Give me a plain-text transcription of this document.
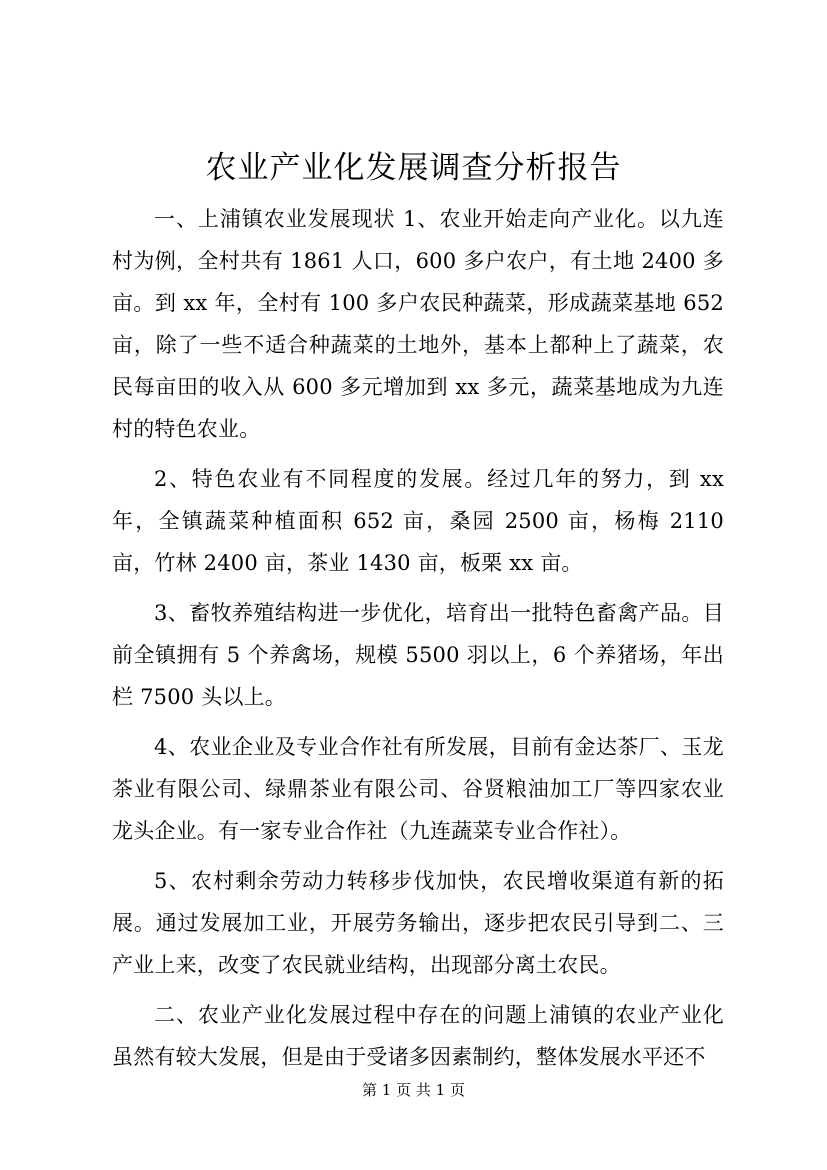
农业产业化发展调查分析报告

一、上浦镇农业发展现状 1、农业开始走向产业化。以九连村为例，全村共有 1861 人口，600 多户农户，有土地 2400 多亩。到 xx 年，全村有 100 多户农民种蔬菜，形成蔬菜基地 652 亩，除了一些不适合种蔬菜的土地外，基本上都种上了蔬菜，农民每亩田的收入从 600 多元增加到 xx 多元，蔬菜基地成为九连村的特色农业。

2、特色农业有不同程度的发展。经过几年的努力，到 xx 年，全镇蔬菜种植面积 652 亩，桑园 2500 亩，杨梅 2110 亩，竹林 2400 亩，茶业 1430 亩，板栗 xx 亩。

3、畜牧养殖结构进一步优化，培育出一批特色畜禽产品。目前全镇拥有 5 个养禽场，规模 5500 羽以上，6 个养猪场，年出栏 7500 头以上。

4、农业企业及专业合作社有所发展，目前有金达茶厂、玉龙茶业有限公司、绿鼎茶业有限公司、谷贤粮油加工厂等四家农业龙头企业。有一家专业合作社（九连蔬菜专业合作社）。

5、农村剩余劳动力转移步伐加快，农民增收渠道有新的拓展。通过发展加工业，开展劳务输出，逐步把农民引导到二、三产业上来，改变了农民就业结构，出现部分离土农民。

二、农业产业化发展过程中存在的问题上浦镇的农业产业化虽然有较大发展，但是由于受诸多因素制约，整体发展水平还不

第 1 页 共 1 页
